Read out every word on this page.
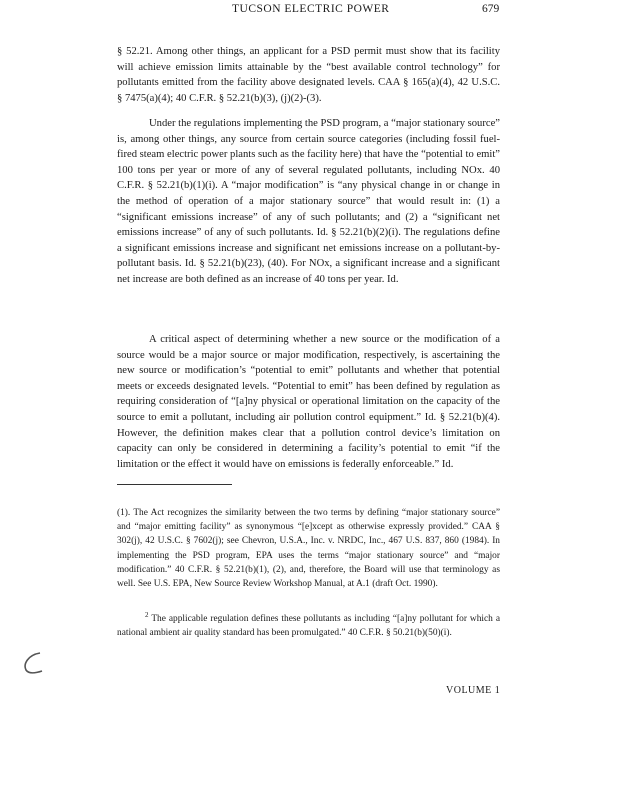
TUCSON ELECTRIC POWER	679

§ 52.21. Among other things, an applicant for a PSD permit must show that its facility will achieve emission limits attainable by the “best available control technology” for pollutants emitted from the facility above designated levels. CAA § 165(a)(4), 42 U.S.C. § 7475(a)(4); 40 C.F.R. § 52.21(b)(3), (j)(2)-(3).

Under the regulations implementing the PSD program, a “major stationary source” is, among other things, any source from certain source categories (including fossil fuel-fired steam electric power plants such as the facility here) that have the “potential to emit” 100 tons per year or more of any of several regulated pollutants, including NOx. 40 C.F.R. § 52.21(b)(1)(i). A “major modification” is “any physical change in or change in the method of operation of a major stationary source” that would result in: (1) a “significant emissions increase” of any of such pollutants; and (2) a “significant net emissions increase” of any of such pollutants. Id. § 52.21(b)(2)(i). The regulations define a significant emissions increase and significant net emissions increase on a pollutant-by-pollutant basis. Id. § 52.21(b)(23), (40). For NOx, a significant increase and a significant net increase are both defined as an increase of 40 tons per year. Id.

A critical aspect of determining whether a new source or the modification of a source would be a major source or major modification, respectively, is ascertaining the new source or modification’s “potential to emit” pollutants and whether that potential meets or exceeds designated levels. “Potential to emit” has been defined by regulation as requiring consideration of “[a]ny physical or operational limitation on the capacity of the source to emit a pollutant, including air pollution control equipment.” Id. § 52.21(b)(4). However, the definition makes clear that a pollution control device’s limitation on capacity can only be considered in determining a facility’s potential to emit “if the limitation or the effect it would have on emissions is federally enforceable.” Id.

(1). The Act recognizes the similarity between the two terms by defining “major stationary source” and “major emitting facility” as synonymous “[e]xcept as otherwise expressly provided.” CAA § 302(j), 42 U.S.C. § 7602(j); see Chevron, U.S.A., Inc. v. NRDC, Inc., 467 U.S. 837, 860 (1984). In implementing the PSD program, EPA uses the terms “major stationary source” and “major modification.” 40 C.F.R. § 52.21(b)(1), (2), and, therefore, the Board will use that terminology as well. See U.S. EPA, New Source Review Workshop Manual, at A.1 (draft Oct. 1990).

$^2$ The applicable regulation defines these pollutants as including “[a]ny pollutant for which a national ambient air quality standard has been promulgated.” 40 C.F.R. § 50.21(b)(50)(i).

VOLUME 1
